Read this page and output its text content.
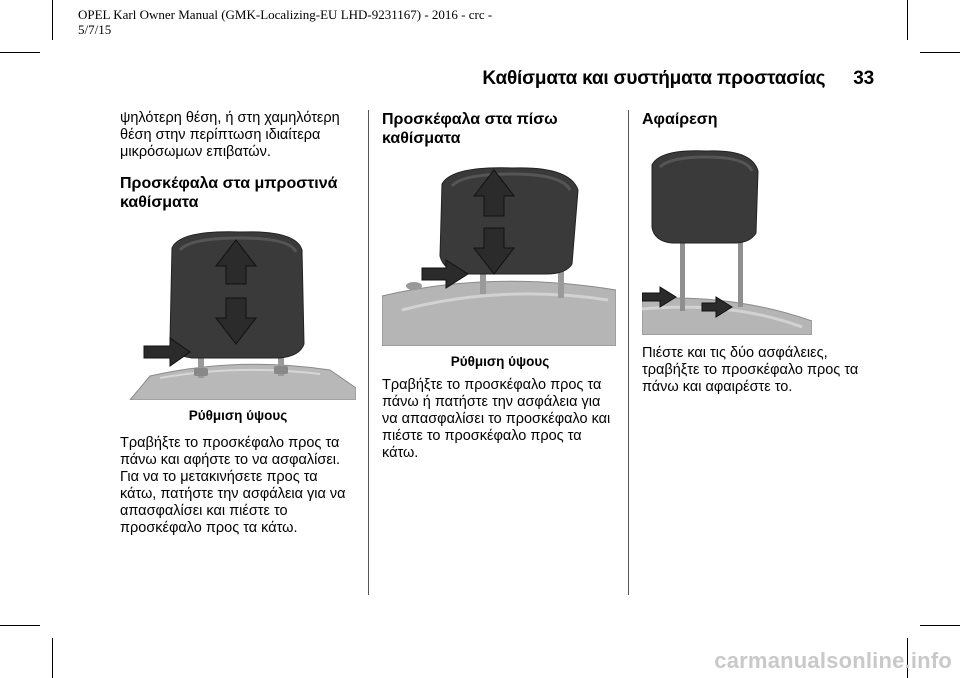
OPEL Karl Owner Manual (GMK-Localizing-EU LHD-9231167) - 2016 - crc - 5/7/15
Καθίσματα και συστήματα προστασίας 33

ψηλότερη θέση, ή στη χαμηλότερη θέση στην περίπτωση ιδιαίτερα μικρόσωμων επιβατών.

Προσκέφαλα στα μπροστινά καθίσματα

Ρύθμιση ύψους

Τραβήξτε το προσκέφαλο προς τα πάνω και αφήστε το να ασφαλίσει. Για να το μετακινήσετε προς τα κάτω, πατήστε την ασφάλεια για να απασφαλίσει και πιέστε το προσκέφαλο προς τα κάτω.

Προσκέφαλα στα πίσω καθίσματα

Ρύθμιση ύψους

Τραβήξτε το προσκέφαλο προς τα πάνω ή πατήστε την ασφάλεια για να απασφαλίσει το προσκέφαλο και πιέστε το προσκέφαλο προς τα κάτω.

Αφαίρεση

Πιέστε και τις δύο ασφάλειες, τραβήξτε το προσκέφαλο προς τα πάνω και αφαιρέστε το.

carmanualsonline.info
